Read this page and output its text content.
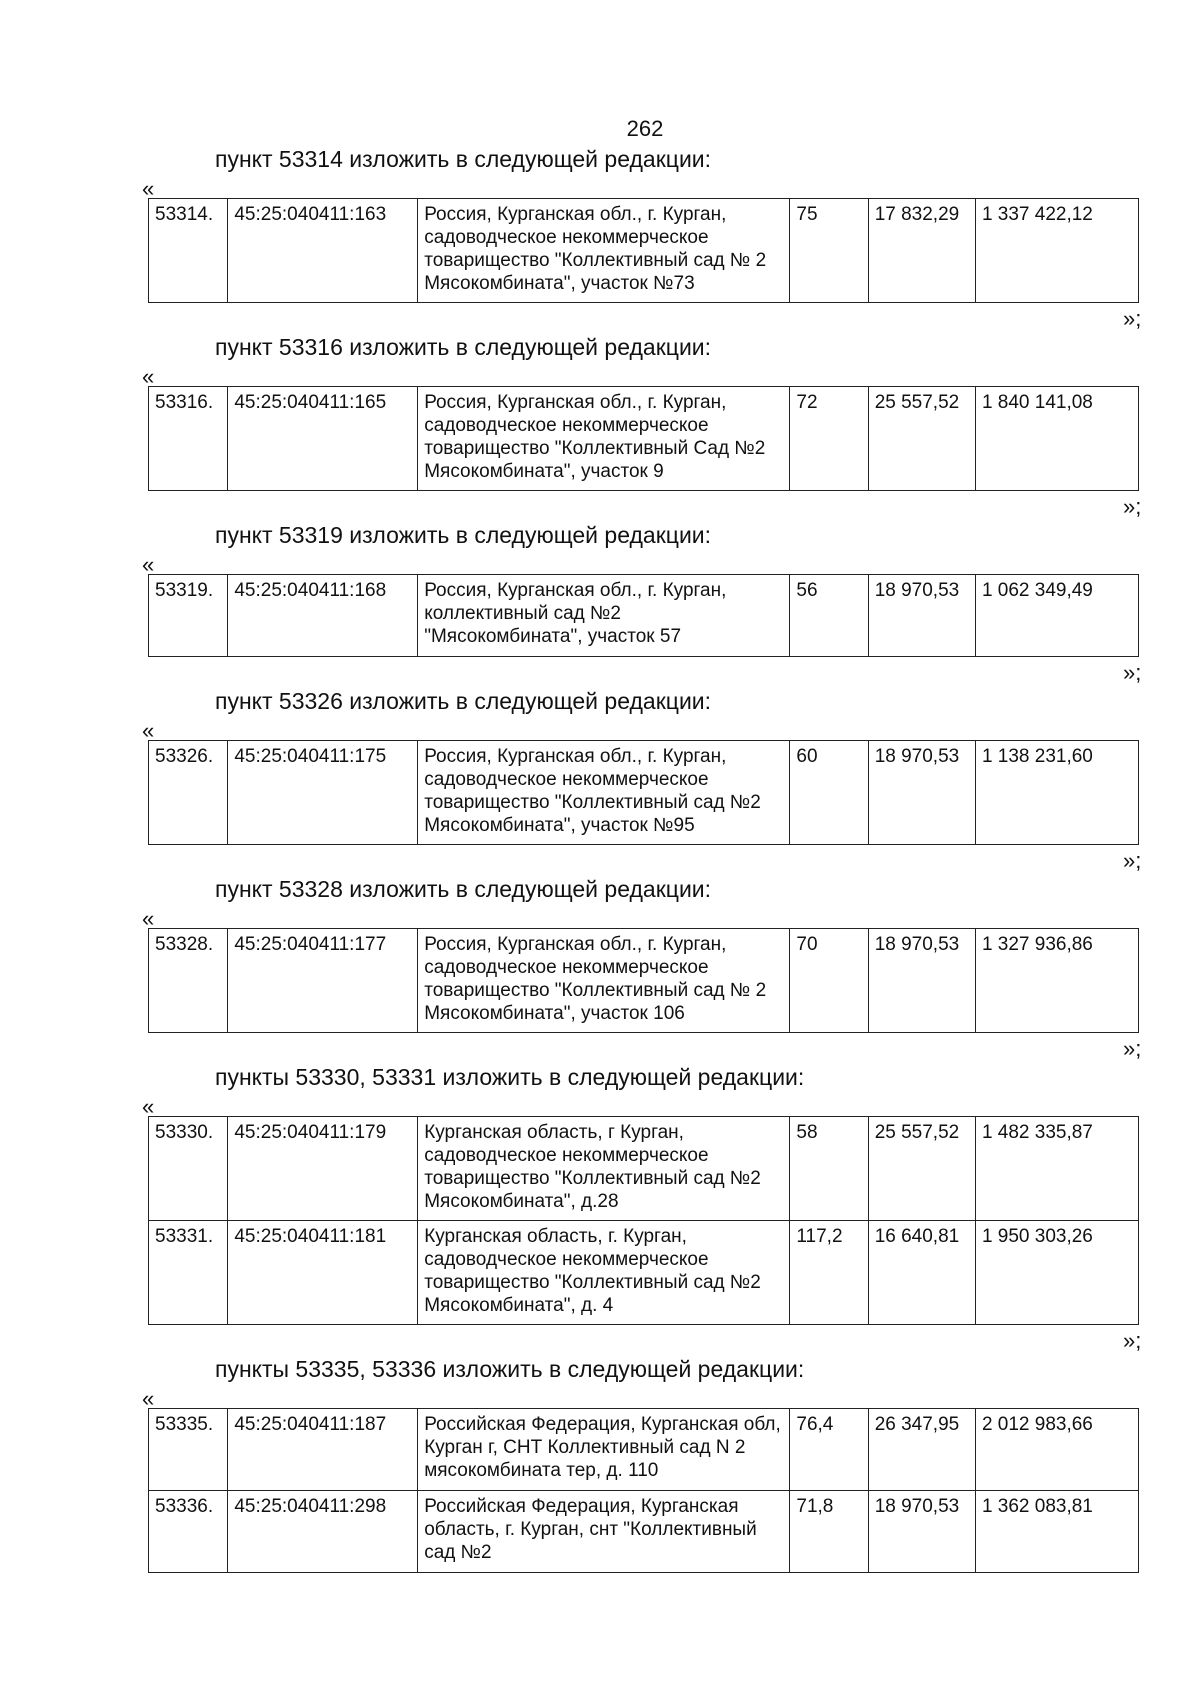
262
пункт 53314 изложить в следующей редакции:
«
53314.	45:25:040411:163	Россия, Курганская обл., г. Курган, садоводческое некоммерческое товарищество "Коллективный сад № 2 Мясокомбината", участок №73	75	17 832,29	1 337 422,12
»;
пункт 53316 изложить в следующей редакции:
«
53316.	45:25:040411:165	Россия, Курганская обл., г. Курган, садоводческое некоммерческое товарищество "Коллективный Сад №2 Мясокомбината", участок 9	72	25 557,52	1 840 141,08
»;
пункт 53319 изложить в следующей редакции:
«
53319.	45:25:040411:168	Россия, Курганская обл., г. Курган, коллективный сад №2 "Мясокомбината", участок 57	56	18 970,53	1 062 349,49
»;
пункт 53326 изложить в следующей редакции:
«
53326.	45:25:040411:175	Россия, Курганская обл., г. Курган, садоводческое некоммерческое товарищество "Коллективный сад №2 Мясокомбината", участок №95	60	18 970,53	1 138 231,60
»;
пункт 53328 изложить в следующей редакции:
«
53328.	45:25:040411:177	Россия, Курганская обл., г. Курган, садоводческое некоммерческое товарищество "Коллективный сад № 2 Мясокомбината", участок 106	70	18 970,53	1 327 936,86
»;
пункты 53330, 53331 изложить в следующей редакции:
«
53330.	45:25:040411:179	Курганская область, г Курган, садоводческое некоммерческое товарищество "Коллективный сад №2 Мясокомбината", д.28	58	25 557,52	1 482 335,87
53331.	45:25:040411:181	Курганская область, г. Курган, садоводческое некоммерческое товарищество "Коллективный сад №2 Мясокомбината", д. 4	117,2	16 640,81	1 950 303,26
»;
пункты 53335, 53336 изложить в следующей редакции:
«
53335.	45:25:040411:187	Российская Федерация, Курганская обл, Курган г, СНТ Коллективный сад N 2 мясокомбината тер, д. 110	76,4	26 347,95	2 012 983,66
53336.	45:25:040411:298	Российская Федерация, Курганская область, г. Курган, снт "Коллективный сад №2	71,8	18 970,53	1 362 083,81
